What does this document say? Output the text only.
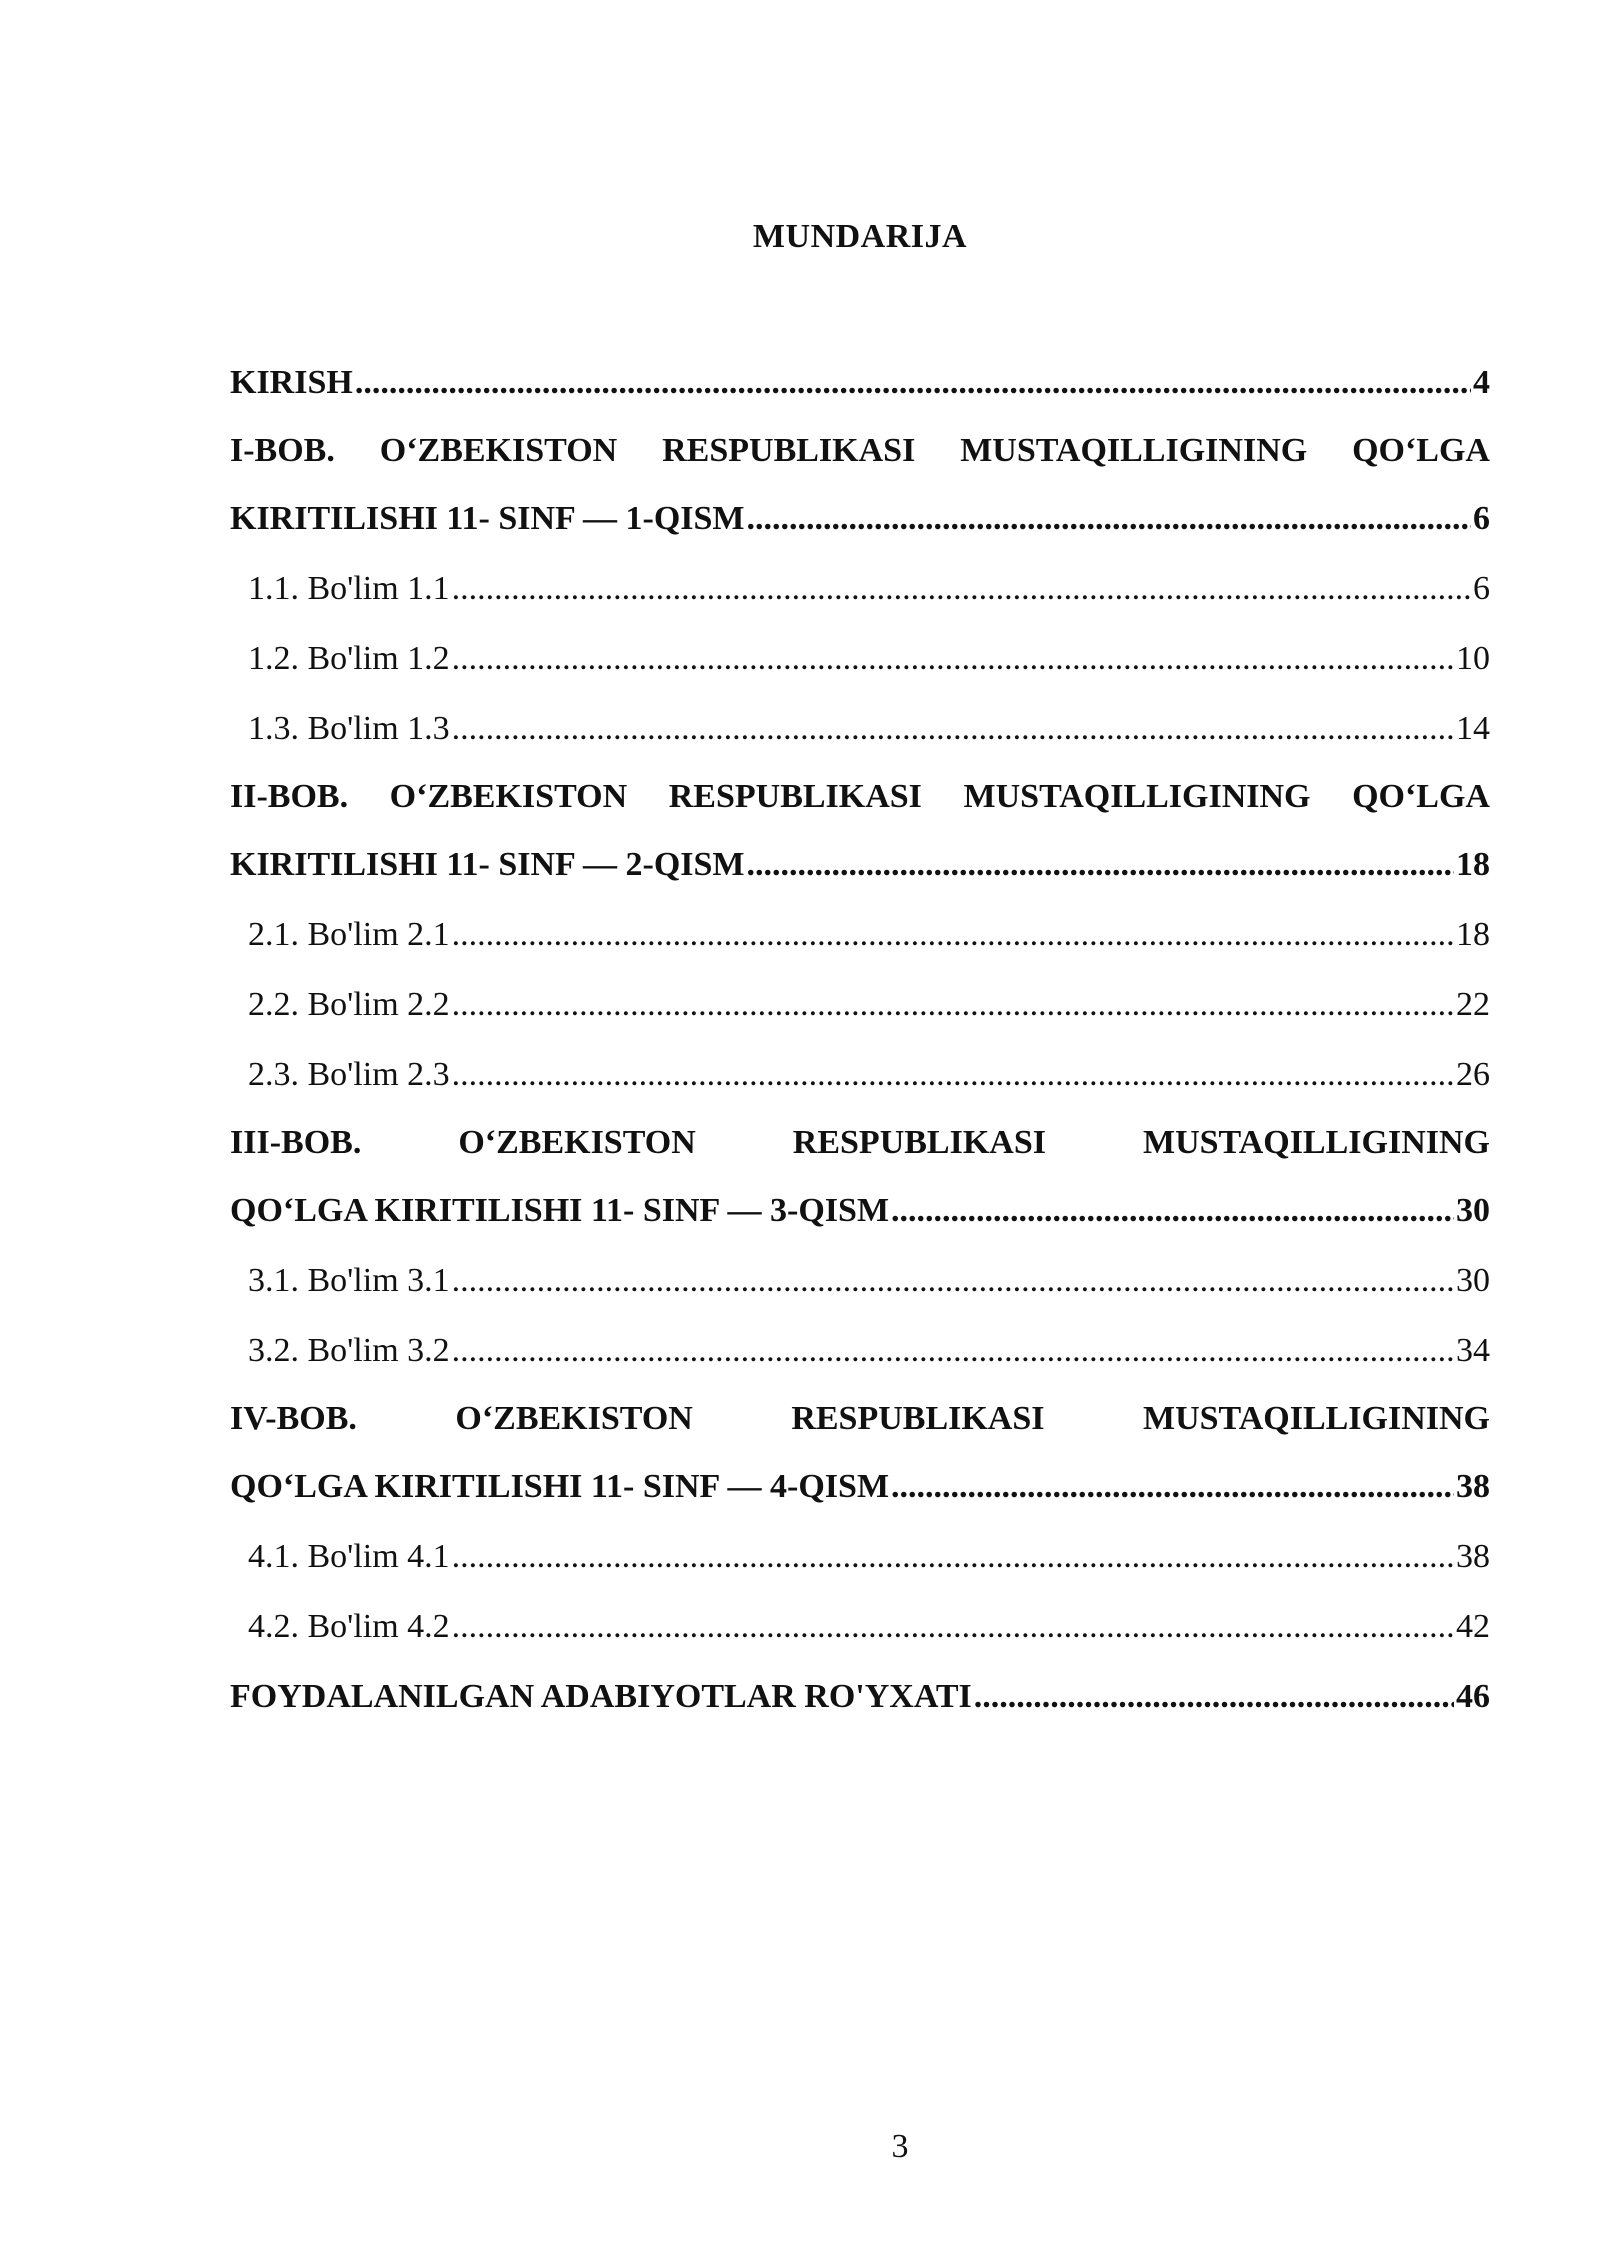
MUNDARIJA
KIRISH .....	4
I-BOB. O‘ZBEKISTON RESPUBLIKASI MUSTAQILLIGINING QO‘LGA
KIRITILISHI 11- SINF — 1-QISM .....	6
1.1. Bo'lim 1.1 .....	6
1.2. Bo'lim 1.2 .....	10
1.3. Bo'lim 1.3 .....	14
II-BOB. O‘ZBEKISTON RESPUBLIKASI MUSTAQILLIGINING QO‘LGA
KIRITILISHI 11- SINF — 2-QISM .....	18
2.1. Bo'lim 2.1 .....	18
2.2. Bo'lim 2.2 .....	22
2.3. Bo'lim 2.3 .....	26
III-BOB.	O‘ZBEKISTON	RESPUBLIKASI	MUSTAQILLIGINING
QO‘LGA KIRITILISHI 11- SINF — 3-QISM .....	30
3.1. Bo'lim 3.1 .....	30
3.2. Bo'lim 3.2 .....	34
IV-BOB.	O‘ZBEKISTON	RESPUBLIKASI	MUSTAQILLIGINING
QO‘LGA KIRITILISHI 11- SINF — 4-QISM .....	38
4.1. Bo'lim 4.1 .....	38
4.2. Bo'lim 4.2 .....	42
FOYDALANILGAN ADABIYOTLAR RO'YXATI .....	46
3
